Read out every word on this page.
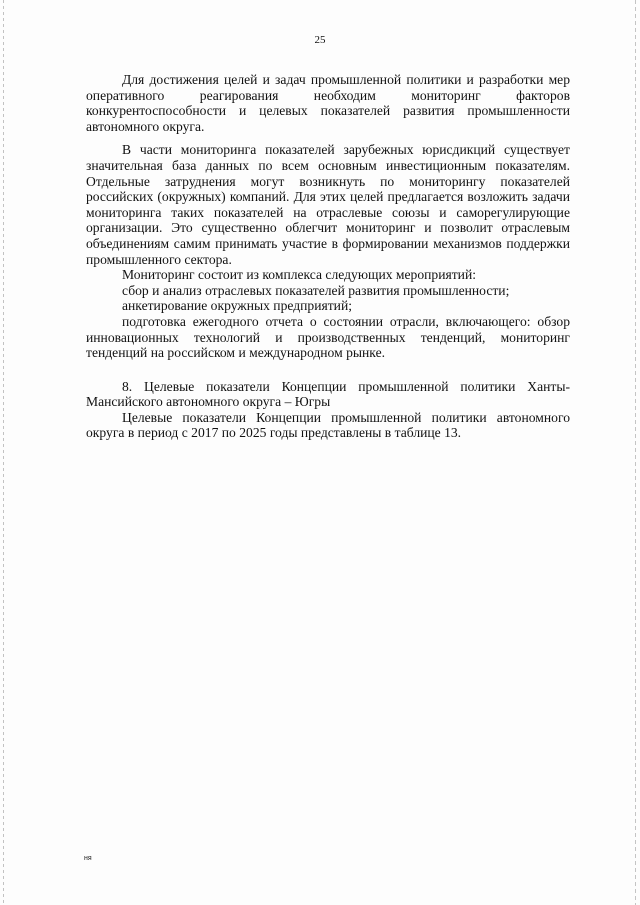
25

Для достижения целей и задач промышленной политики и разработки мер оперативного реагирования необходим мониторинг факторов конкурентоспособности и целевых показателей развития промышленности автономного округа.

В части мониторинга показателей зарубежных юрисдикций существует значительная база данных по всем основным инвестиционным показателям. Отдельные затруднения могут возникнуть по мониторингу показателей российских (окружных) компаний. Для этих целей предлагается возложить задачи мониторинга таких показателей на отраслевые союзы и саморегулирующие организации. Это существенно облегчит мониторинг и позволит отраслевым объединениям самим принимать участие в формировании механизмов поддержки промышленного сектора.

Мониторинг состоит из комплекса следующих мероприятий:

сбор и анализ отраслевых показателей развития промышленности;

анкетирование окружных предприятий;

подготовка ежегодного отчета о состоянии отрасли, включающего: обзор инновационных технологий и производственных тенденций, мониторинг тенденций на российском и международном рынке.

8. Целевые показатели Концепции промышленной политики Ханты-Мансийского автономного округа – Югры

Целевые показатели Концепции промышленной политики автономного округа в период с 2017 по 2025 годы представлены в таблице 13.

ня
